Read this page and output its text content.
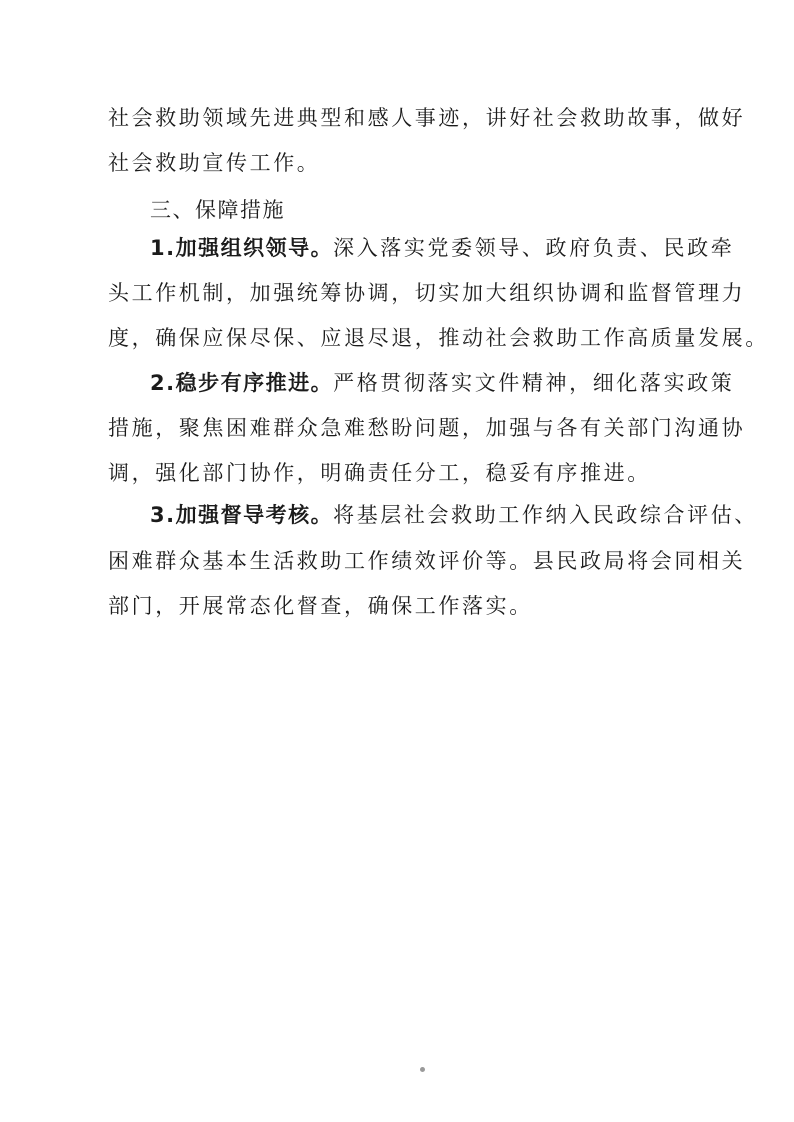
社会救助领域先进典型和感人事迹，讲好社会救助故事，做好
社会救助宣传工作。
三、保障措施
1.加强组织领导。深入落实党委领导、政府负责、民政牵
头工作机制，加强统筹协调，切实加大组织协调和监督管理力
度，确保应保尽保、应退尽退，推动社会救助工作高质量发展。
2.稳步有序推进。严格贯彻落实文件精神，细化落实政策
措施，聚焦困难群众急难愁盼问题，加强与各有关部门沟通协
调，强化部门协作，明确责任分工，稳妥有序推进。
3.加强督导考核。将基层社会救助工作纳入民政综合评估、
困难群众基本生活救助工作绩效评价等。县民政局将会同相关
部门，开展常态化督查，确保工作落实。
